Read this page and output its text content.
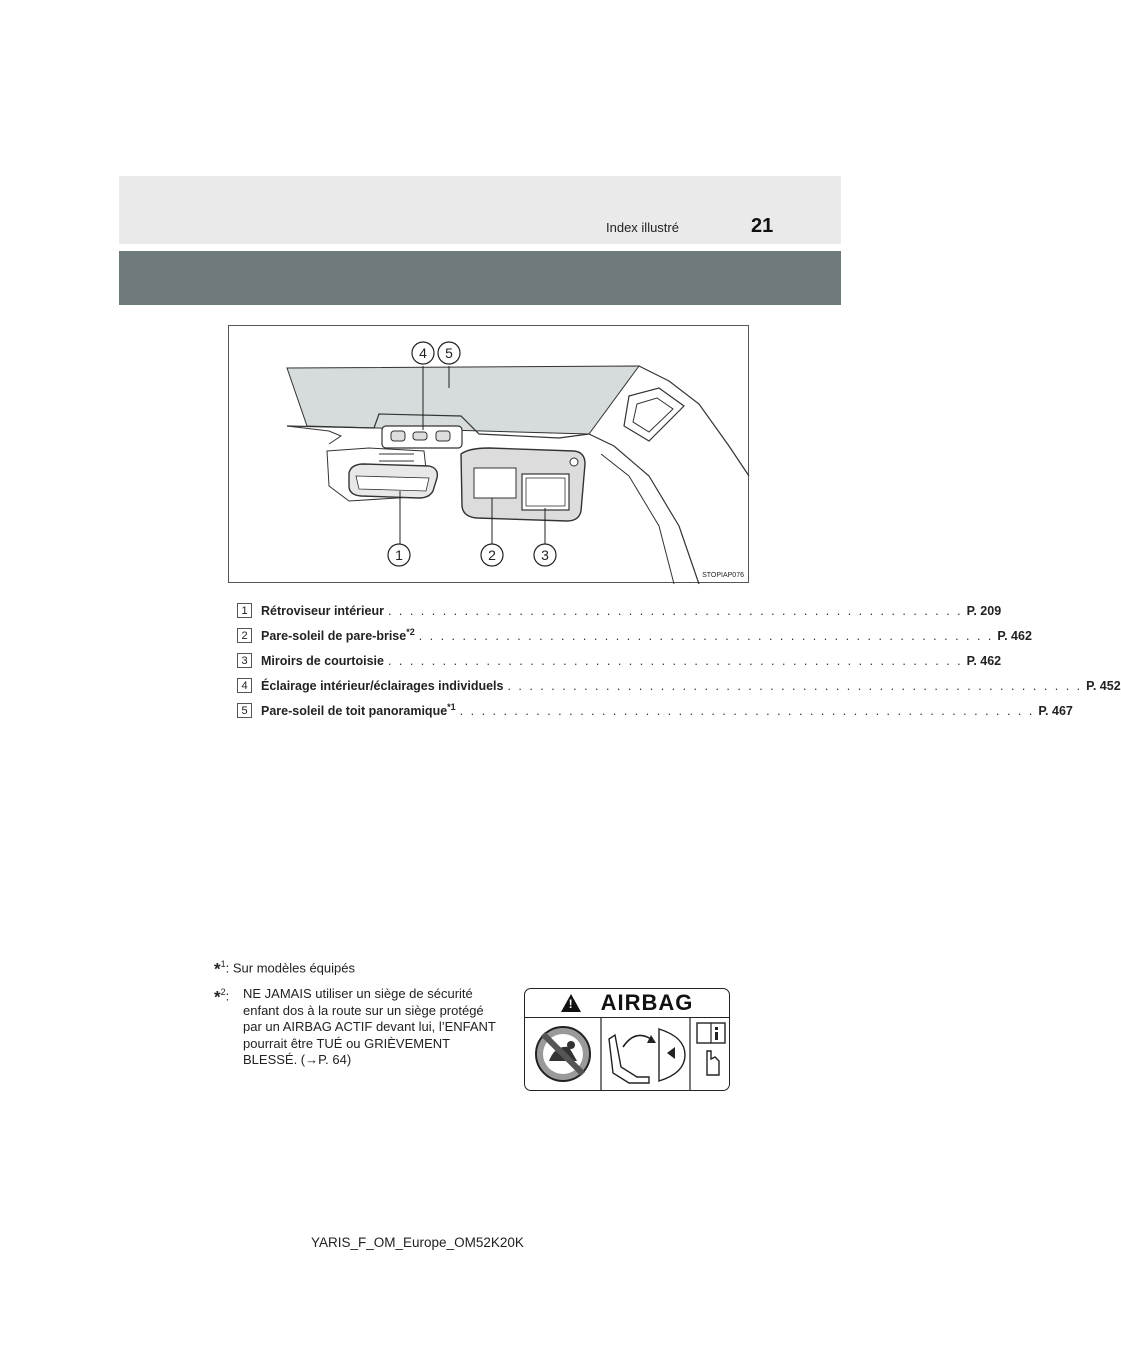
Index illustré	21
4 5
1	2	3
STOPIAP076
1	Rétroviseur intérieur . . . . . . . . . . . . . . . . . . . . . . . . . . . . . . . . . . . . . . . . . . . . . . . . . . . . . P. 209
2	Pare-soleil de pare-brise$^{*2}$ . . . . . . . . . . . . . . . . . . . . . . . . . . . . . . . . . . . . . . . . . . . . . . . . . . . . . P. 462
3	Miroirs de courtoisie . . . . . . . . . . . . . . . . . . . . . . . . . . . . . . . . . . . . . . . . . . . . . . . . . . . . . P. 462
4	Éclairage intérieur/éclairages individuels . . . . . . . . . . . . . . . . . . . . . . . . . . . . . . . . . . . . . . . . . . . . . . . . . . . . . P. 452
5	Pare-soleil de toit panoramique$^{*1}$ . . . . . . . . . . . . . . . . . . . . . . . . . . . . . . . . . . . . . . . . . . . . . . . . . . . . . P. 467
*$^1$: Sur modèles équipés
*$^2$: NE JAMAIS utiliser un siège de sécurité enfant dos à la route sur un siège protégé par un AIRBAG ACTIF devant lui, l’ENFANT pourrait être TUÉ ou GRIÈVEMENT BLESSÉ. (→P. 64)
! AIRBAG
YARIS_F_OM_Europe_OM52K20K
